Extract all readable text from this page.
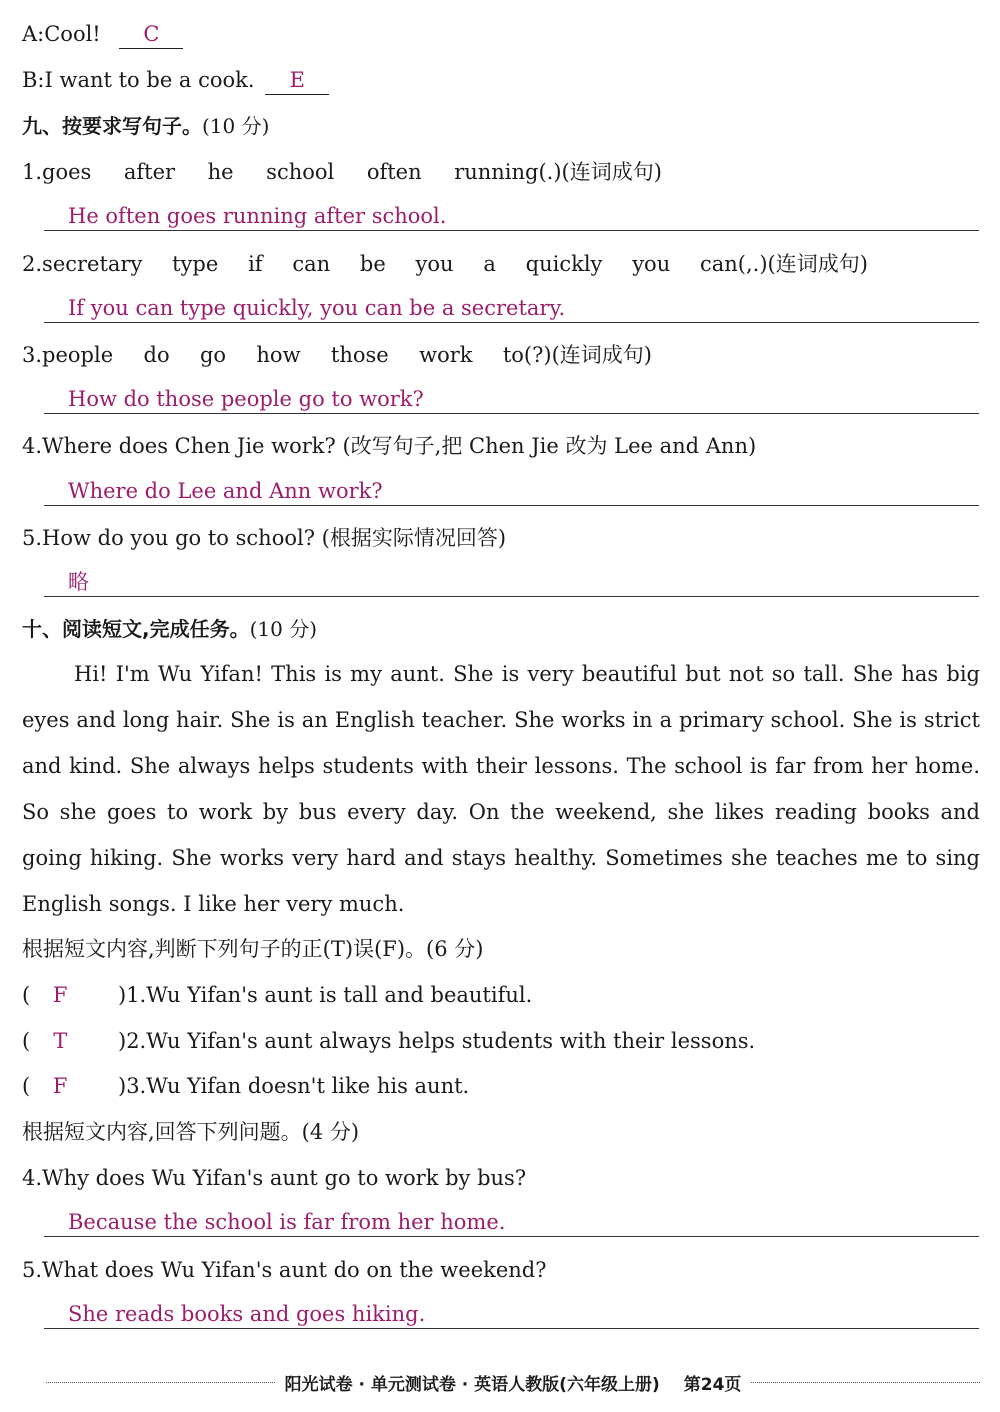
A:Cool! C
B:I want to be a cook. E
九、按要求写句子。(10 分)
1.goes after he school often running(.)(连词成句)
He often goes running after school.
2.secretary type if can be you a quickly you can(,.)(连词成句)
If you can type quickly, you can be a secretary.
3.people do go how those work to(?)(连词成句)
How do those people go to work?
4.Where does Chen Jie work? (改写句子,把 Chen Jie 改为 Lee and Ann)
Where do Lee and Ann work?
5.How do you go to school? (根据实际情况回答)
略
十、阅读短文,完成任务。(10 分)
Hi! I'm Wu Yifan! This is my aunt. She is very beautiful but not so tall. She has big eyes and long hair. She is an English teacher. She works in a primary school. She is strict and kind. She always helps students with their lessons. The school is far from her home. So she goes to work by bus every day. On the weekend, she likes reading books and going hiking. She works very hard and stays healthy. Sometimes she teaches me to sing English songs. I like her very much.
根据短文内容,判断下列句子的正(T)误(F)。(6 分)
( F )1.Wu Yifan's aunt is tall and beautiful.
( T )2.Wu Yifan's aunt always helps students with their lessons.
( F )3.Wu Yifan doesn't like his aunt.
根据短文内容,回答下列问题。(4 分)
4.Why does Wu Yifan's aunt go to work by bus?
Because the school is far from her home.
5.What does Wu Yifan's aunt do on the weekend?
She reads books and goes hiking.
阳光试卷 · 单元测试卷 · 英语人教版(六年级上册) 第24页
